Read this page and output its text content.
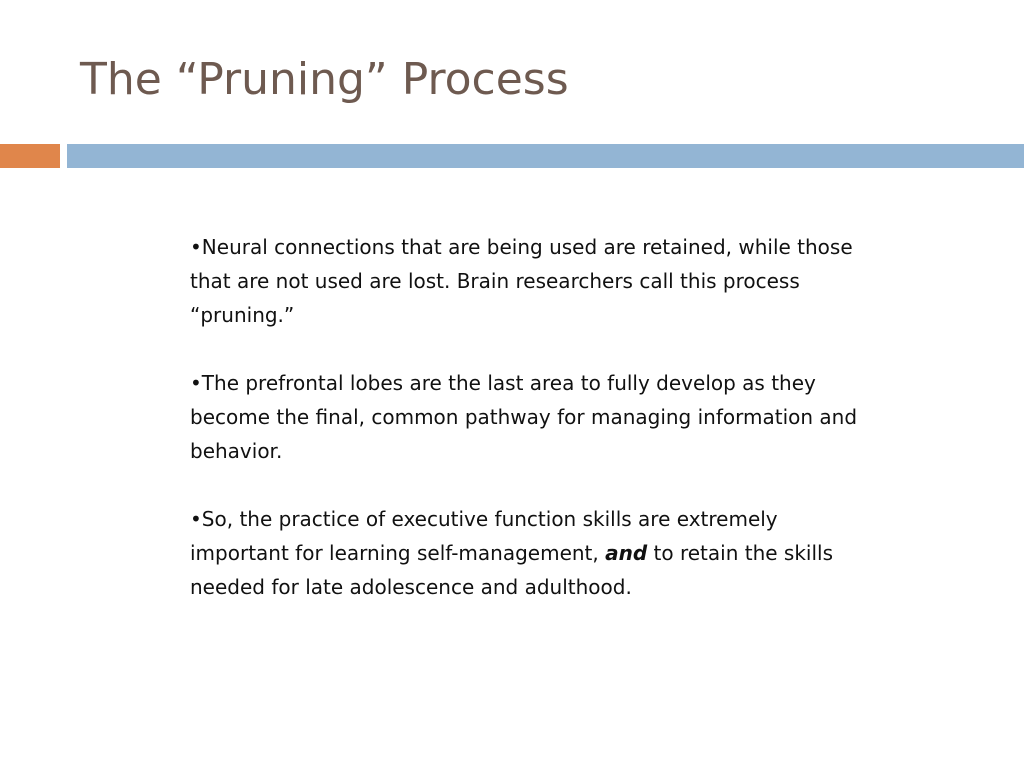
The “Pruning” Process

•Neural connections that are being used are retained, while those that are not used are lost. Brain researchers call this process “pruning.”

•The prefrontal lobes are the last area to fully develop as they become the final, common pathway for managing information and behavior.

•So, the practice of executive function skills are extremely important for learning self-management, and to retain the skills needed for late adolescence and adulthood.
